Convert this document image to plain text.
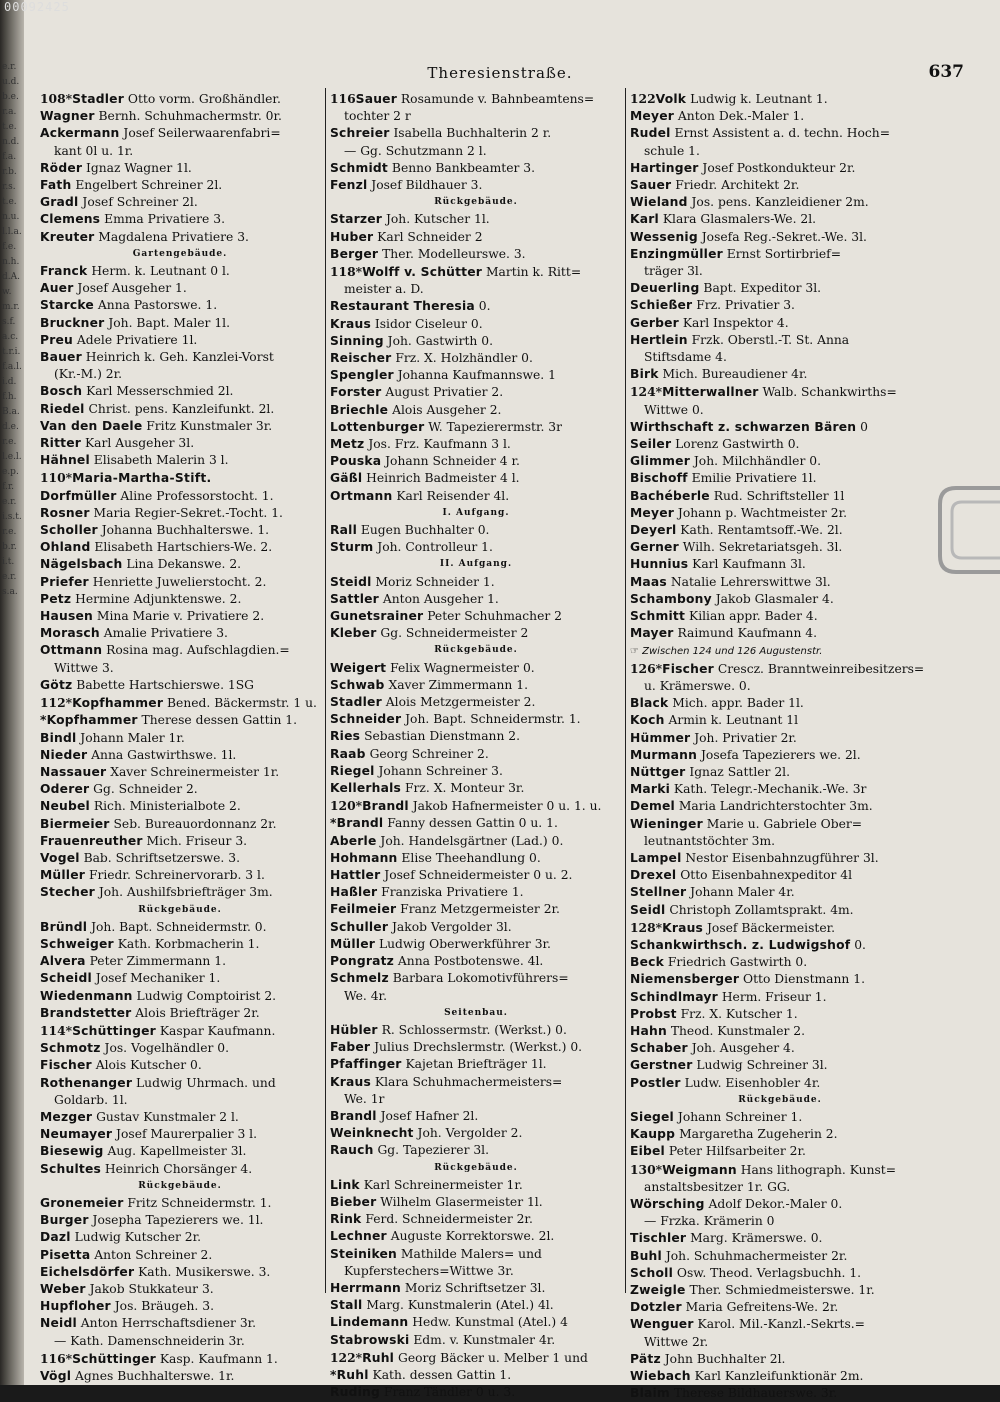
e.r.u.d.b.e.r.a.t.e.n.d.f.a.r.b.r.s.t.e.n.u.l.l.a.f.e.n.h.d.A.w.m.r.s.f.a.c.t.r.i.f.a.l.i.d.f.h.B.a.d.e.r.e.l.e.l.e.p.f.r.e.r.i.s.t.r.e.b.r.i.t.e.r.s.a.
00092425
Theresienstraße.	637
108*Stadler Otto vorm. Großhändler.
Wagner Bernh. Schuhmachermstr. 0r.
Ackermann Josef Seilerwaarenfabri=
kant 0l u. 1r.
Röder Ignaz Wagner 1l.
Fath Engelbert Schreiner 2l.
Gradl Josef Schreiner 2l.
Clemens Emma Privatiere 3.
Kreuter Magdalena Privatiere 3.
Gartengebäude.
Franck Herm. k. Leutnant 0 l.
Auer Josef Ausgeher 1.
Starcke Anna Pastorswe. 1.
Bruckner Joh. Bapt. Maler 1l.
Preu Adele Privatiere 1l.
Bauer Heinrich k. Geh. Kanzlei-Vorst
(Kr.-M.) 2r.
Bosch Karl Messerschmied 2l.
Riedel Christ. pens. Kanzleifunkt. 2l.
Van den Daele Fritz Kunstmaler 3r.
Ritter Karl Ausgeher 3l.
Hähnel Elisabeth Malerin 3 l.
110*Maria-Martha-Stift.
Dorfmüller Aline Professorstocht. 1.
Rosner Maria Regier-Sekret.-Tocht. 1.
Scholler Johanna Buchhalterswe. 1.
Ohland Elisabeth Hartschiers-We. 2.
Nägelsbach Lina Dekanswe. 2.
Priefer Henriette Juwelierstocht. 2.
Petz Hermine Adjunktenswe. 2.
Hausen Mina Marie v. Privatiere 2.
Morasch Amalie Privatiere 3.
Ottmann Rosina mag. Aufschlagdien.=
Wittwe 3.
Götz Babette Hartschierswe. 1SG
112*Kopfhammer Bened. Bäckermstr. 1 u.
*Kopfhammer Therese dessen Gattin 1.
Bindl Johann Maler 1r.
Nieder Anna Gastwirthswe. 1l.
Nassauer Xaver Schreinermeister 1r.
Oderer Gg. Schneider 2.
Neubel Rich. Ministerialbote 2.
Biermeier Seb. Bureauordonnanz 2r.
Frauenreuther Mich. Friseur 3.
Vogel Bab. Schriftsetzerswe. 3.
Müller Friedr. Schreinervorarb. 3 l.
Stecher Joh. Aushilfsbriefträger 3m.
Rückgebäude.
Bründl Joh. Bapt. Schneidermstr. 0.
Schweiger Kath. Korbmacherin 1.
Alvera Peter Zimmermann 1.
Scheidl Josef Mechaniker 1.
Wiedenmann Ludwig Comptoirist 2.
Brandstetter Alois Briefträger 2r.
114*Schüttinger Kaspar Kaufmann.
Schmotz Jos. Vogelhändler 0.
Fischer Alois Kutscher 0.
Rothenanger Ludwig Uhrmach. und
Goldarb. 1l.
Mezger Gustav Kunstmaler 2 l.
Neumayer Josef Maurerpalier 3 l.
Biesewig Aug. Kapellmeister 3l.
Schultes Heinrich Chorsänger 4.
Rückgebäude.
Gronemeier Fritz Schneidermstr. 1.
Burger Josepha Tapezierers we. 1l.
Dazl Ludwig Kutscher 2r.
Pisetta Anton Schreiner 2.
Eichelsdörfer Kath. Musikerswe. 3.
Weber Jakob Stukkateur 3.
Hupfloher Jos. Bräugeh. 3.
Neidl Anton Herrschaftsdiener 3r.
— Kath. Damenschneiderin 3r.
116*Schüttinger Kasp. Kaufmann 1.
Vögl Agnes Buchhalterswe. 1r.
116Sauer Rosamunde v. Bahnbeamtens=
tochter 2 r
Schreier Isabella Buchhalterin 2 r.
— Gg. Schutzmann 2 l.
Schmidt Benno Bankbeamter 3.
Fenzl Josef Bildhauer 3.
Rückgebäude.
Starzer Joh. Kutscher 1l.
Huber Karl Schneider 2
Berger Ther. Modelleurswe. 3.
118*Wolff v. Schütter Martin k. Ritt=
meister a. D.
Restaurant Theresia 0.
Kraus Isidor Ciseleur 0.
Sinning Joh. Gastwirth 0.
Reischer Frz. X. Holzhändler 0.
Spengler Johanna Kaufmannswe. 1
Forster August Privatier 2.
Briechle Alois Ausgeher 2.
Lottenburger W. Tapezierermstr. 3r
Metz Jos. Frz. Kaufmann 3 l.
Pouska Johann Schneider 4 r.
Gäßl Heinrich Badmeister 4 l.
Ortmann Karl Reisender 4l.
I. Aufgang.
Rall Eugen Buchhalter 0.
Sturm Joh. Controlleur 1.
II. Aufgang.
Steidl Moriz Schneider 1.
Sattler Anton Ausgeher 1.
Gunetsrainer Peter Schuhmacher 2
Kleber Gg. Schneidermeister 2
Rückgebäude.
Weigert Felix Wagnermeister 0.
Schwab Xaver Zimmermann 1.
Stadler Alois Metzgermeister 2.
Schneider Joh. Bapt. Schneidermstr. 1.
Ries Sebastian Dienstmann 2.
Raab Georg Schreiner 2.
Riegel Johann Schreiner 3.
Kellerhals Frz. X. Monteur 3r.
120*Brandl Jakob Hafnermeister 0 u. 1. u.
*Brandl Fanny dessen Gattin 0 u. 1.
Aberle Joh. Handelsgärtner (Lad.) 0.
Hohmann Elise Theehandlung 0.
Hattler Josef Schneidermeister 0 u. 2.
Haßler Franziska Privatiere 1.
Feilmeier Franz Metzgermeister 2r.
Schuller Jakob Vergolder 3l.
Müller Ludwig Oberwerkführer 3r.
Pongratz Anna Postbotenswe. 4l.
Schmelz Barbara Lokomotivführers=
We. 4r.
Seitenbau.
Hübler R. Schlossermstr. (Werkst.) 0.
Faber Julius Drechslermstr. (Werkst.) 0.
Pfaffinger Kajetan Briefträger 1l.
Kraus Klara Schuhmachermeisters=
We. 1r
Brandl Josef Hafner 2l.
Weinknecht Joh. Vergolder 2.
Rauch Gg. Tapezierer 3l.
Rückgebäude.
Link Karl Schreinermeister 1r.
Bieber Wilhelm Glasermeister 1l.
Rink Ferd. Schneidermeister 2r.
Lechner Auguste Korrektorswe. 2l.
Steiniken Mathilde Malers= und
Kupferstechers=Wittwe 3r.
Herrmann Moriz Schriftsetzer 3l.
Stall Marg. Kunstmalerin (Atel.) 4l.
Lindemann Hedw. Kunstmal (Atel.) 4
Stabrowski Edm. v. Kunstmaler 4r.
122*Ruhl Georg Bäcker u. Melber 1 und
*Ruhl Kath. dessen Gattin 1.
Ruding Franz Tändler 0 u. 3.
122Volk Ludwig k. Leutnant 1.
Meyer Anton Dek.-Maler 1.
Rudel Ernst Assistent a. d. techn. Hoch=
schule 1.
Hartinger Josef Postkondukteur 2r.
Sauer Friedr. Architekt 2r.
Wieland Jos. pens. Kanzleidiener 2m.
Karl Klara Glasmalers-We. 2l.
Wessenig Josefa Reg.-Sekret.-We. 3l.
Enzingmüller Ernst Sortirbrief=
träger 3l.
Deuerling Bapt. Expeditor 3l.
Schießer Frz. Privatier 3.
Gerber Karl Inspektor 4.
Hertlein Frzk. Oberstl.-T. St. Anna
Stiftsdame 4.
Birk Mich. Bureaudiener 4r.
124*Mitterwallner Walb. Schankwirths=
Wittwe 0.
Wirthschaft z. schwarzen Bären 0
Seiler Lorenz Gastwirth 0.
Glimmer Joh. Milchhändler 0.
Bischoff Emilie Privatiere 1l.
Bachéberle Rud. Schriftsteller 1l
Meyer Johann p. Wachtmeister 2r.
Deyerl Kath. Rentamtsoff.-We. 2l.
Gerner Wilh. Sekretariatsgeh. 3l.
Hunnius Karl Kaufmann 3l.
Maas Natalie Lehrerswittwe 3l.
Schambony Jakob Glasmaler 4.
Schmitt Kilian appr. Bader 4.
Mayer Raimund Kaufmann 4.
☞ Zwischen 124 und 126 Augustenstr.
126*Fischer Crescz. Branntweinreibesitzers=
u. Krämerswe. 0.
Black Mich. appr. Bader 1l.
Koch Armin k. Leutnant 1l
Hümmer Joh. Privatier 2r.
Murmann Josefa Tapezierers we. 2l.
Nüttger Ignaz Sattler 2l.
Marki Kath. Telegr.-Mechanik.-We. 3r
Demel Maria Landrichterstochter 3m.
Wieninger Marie u. Gabriele Ober=
leutnantstöchter 3m.
Lampel Nestor Eisenbahnzugführer 3l.
Drexel Otto Eisenbahnexpeditor 4l
Stellner Johann Maler 4r.
Seidl Christoph Zollamtsprakt. 4m.
128*Kraus Josef Bäckermeister.
Schankwirthsch. z. Ludwigshof 0.
Beck Friedrich Gastwirth 0.
Niemensberger Otto Dienstmann 1.
Schindlmayr Herm. Friseur 1.
Probst Frz. X. Kutscher 1.
Hahn Theod. Kunstmaler 2.
Schaber Joh. Ausgeher 4.
Gerstner Ludwig Schreiner 3l.
Postler Ludw. Eisenhobler 4r.
Rückgebäude.
Siegel Johann Schreiner 1.
Kaupp Margaretha Zugeherin 2.
Eibel Peter Hilfsarbeiter 2r.
130*Weigmann Hans lithograph. Kunst=
anstaltsbesitzer 1r. GG.
Wörsching Adolf Dekor.-Maler 0.
— Frzka. Krämerin 0
Tischler Marg. Krämerswe. 0.
Buhl Joh. Schuhmachermeister 2r.
Scholl Osw. Theod. Verlagsbuchh. 1.
Zweigle Ther. Schmiedmeisterswe. 1r.
Dotzler Maria Gefreitens-We. 2r.
Wenguer Karol. Mil.-Kanzl.-Sekrts.=
Wittwe 2r.
Pätz John Buchhalter 2l.
Wiebach Karl Kanzleifunktionär 2m.
Blaim Therese Bildhauerswe. 3r.
